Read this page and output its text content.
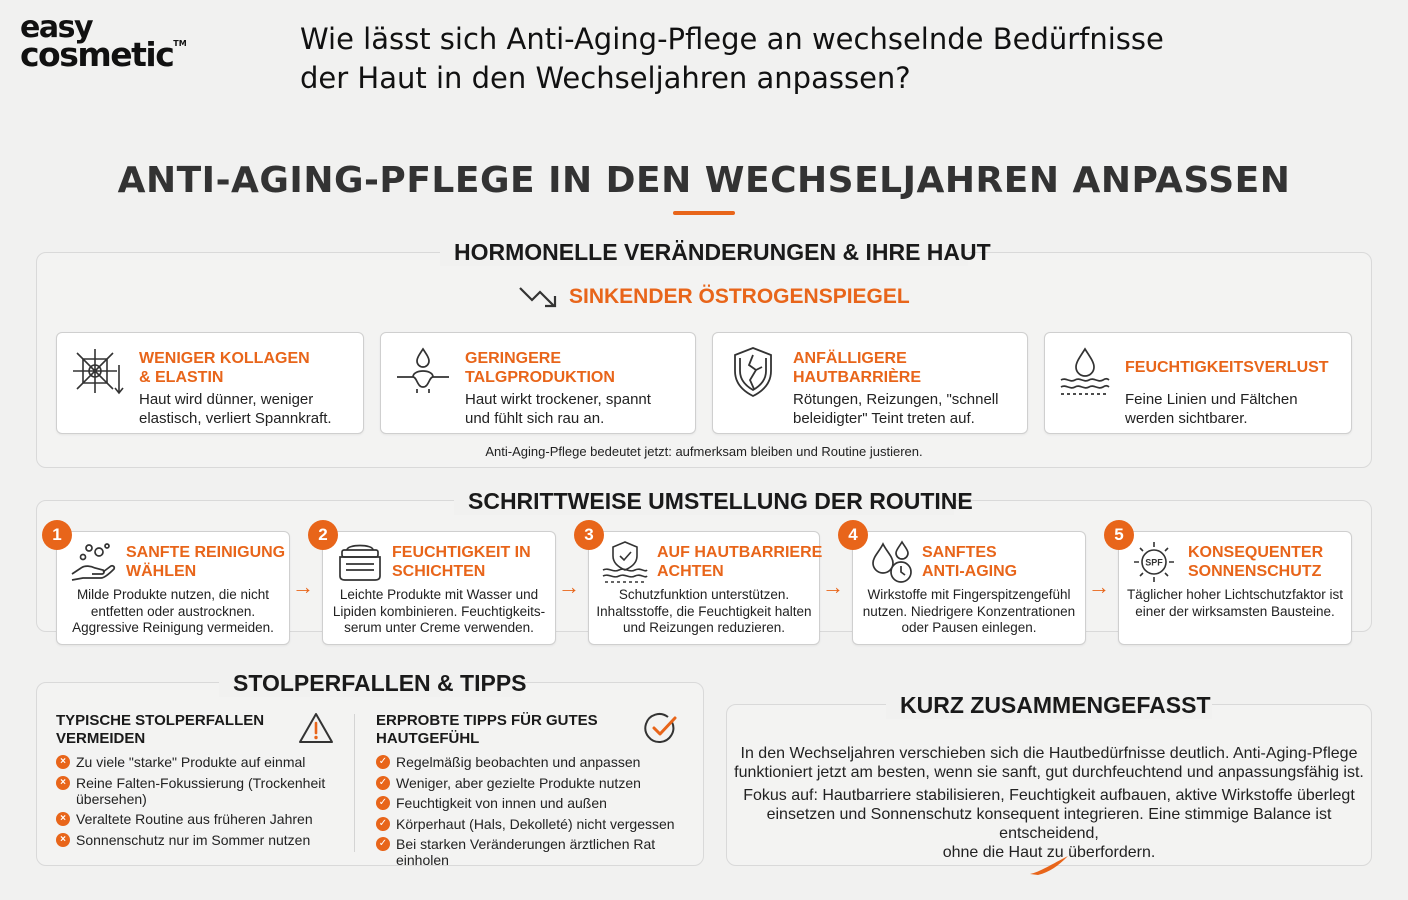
easy
cosmetic™	Wie lässt sich Anti-Aging-Pflege an wechselnde Bedürfnisse
der Haut in den Wechseljahren anpassen?
ANTI-AGING-PFLEGE IN DEN WECHSELJAHREN ANPASSEN
HORMONELLE VERÄNDERUNGEN & IHRE HAUT
SINKENDER ÖSTROGENSPIEGEL
WENIGER KOLLAGEN
& ELASTIN
Haut wird dünner, weniger
elastisch, verliert Spannkraft.
GERINGERE
TALGPRODUKTION
Haut wirkt trockener, spannt
und fühlt sich rau an.
ANFÄLLIGERE
HAUTBARRIÈRE
Rötungen, Reizungen, "schnell
beleidigter" Teint treten auf.
FEUCHTIGKEITSVERLUST
Feine Linien und Fältchen
werden sichtbarer.
Anti-Aging-Pflege bedeutet jetzt: aufmerksam bleiben und Routine justieren.
SCHRITTWEISE UMSTELLUNG DER ROUTINE
1
SANFTE REINIGUNG
WÄHLEN
Milde Produkte nutzen, die nicht
entfetten oder austrocknen.
Aggressive Reinigung vermeiden.
→
2
FEUCHTIGKEIT IN
SCHICHTEN
Leichte Produkte mit Wasser und
Lipiden kombinieren. Feuchtigkeits-
serum unter Creme verwenden.
→
3
AUF HAUTBARRIERE
ACHTEN
Schutzfunktion unterstützen.
Inhaltsstoffe, die Feuchtigkeit halten
und Reizungen reduzieren.
→
4
SANFTES
ANTI-AGING
Wirkstoffe mit Fingerspitzengefühl
nutzen. Niedrigere Konzentrationen
oder Pausen einlegen.
→
SPF
5
KONSEQUENTER
SONNENSCHUTZ
Täglicher hoher Lichtschutzfaktor ist
einer der wirksamsten Bausteine.
STOLPERFALLEN & TIPPS
TYPISCHE STOLPERFALLEN
VERMEIDEN
× Zu viele "starke" Produkte auf einmal
× Reine Falten-Fokussierung (Trockenheit übersehen)
× Veraltete Routine aus früheren Jahren
× Sonnenschutz nur im Sommer nutzen
ERPROBTE TIPPS FÜR GUTES
HAUTGEFÜHL
✓ Regelmäßig beobachten und anpassen
✓ Weniger, aber gezielte Produkte nutzen
✓ Feuchtigkeit von innen und außen
✓ Körperhaut (Hals, Dekolleté) nicht vergessen
✓ Bei starken Veränderungen ärztlichen Rat einholen
KURZ ZUSAMMENGEFASST
In den Wechseljahren verschieben sich die Hautbedürfnisse deutlich. Anti-Aging-Pflege
funktioniert jetzt am besten, wenn sie sanft, gut durchfeuchtend und anpassungsfähig ist.
Fokus auf: Hautbarriere stabilisieren, Feuchtigkeit aufbauen, aktive Wirkstoffe überlegt
einsetzen und Sonnenschutz konsequent integrieren. Eine stimmige Balance ist entscheidend,
ohne die Haut zu überfordern.
